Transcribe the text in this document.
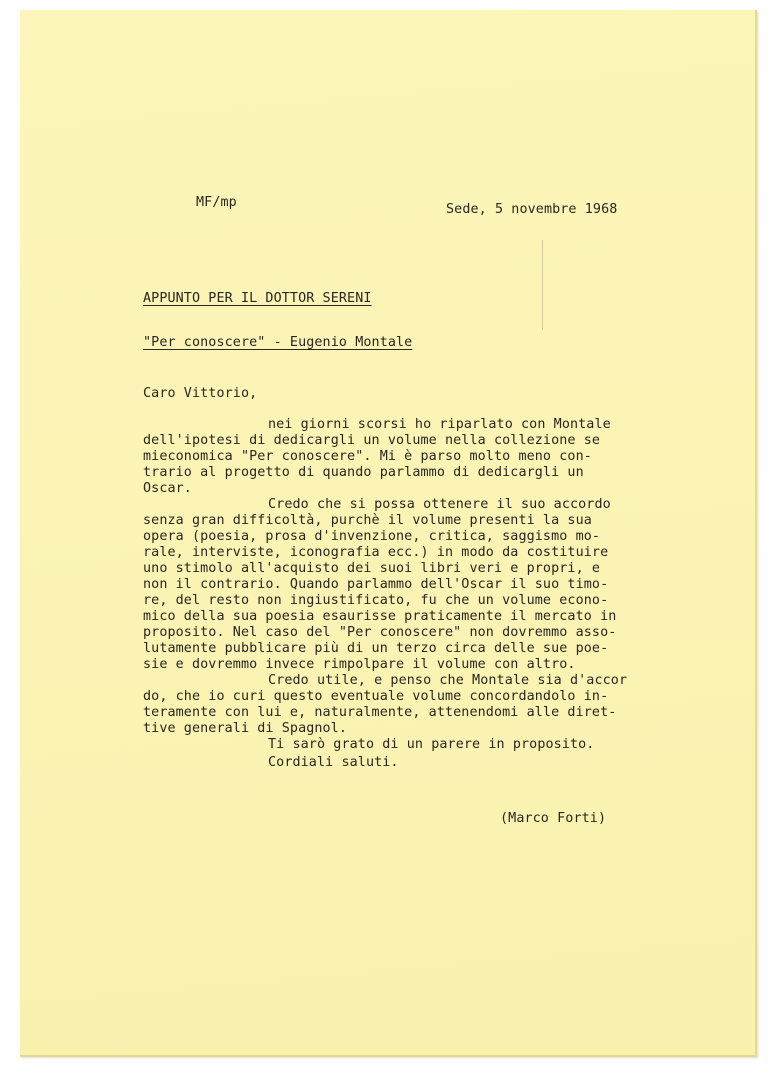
MF/mp	Sede, 5 novembre 1968
APPUNTO PER IL DOTTOR SERENI
"Per conoscere" - Eugenio Montale
Caro Vittorio,
nei giorni scorsi ho riparlato con Montale
dell'ipotesi di dedicargli un volume nella collezione se
mieconomica "Per conoscere". Mi è parso molto meno con-
trario al progetto di quando parlammo di dedicargli un
Oscar.
Credo che si possa ottenere il suo accordo
senza gran difficoltà, purchè il volume presenti la sua
opera (poesia, prosa d'invenzione, critica, saggismo mo-
rale, interviste, iconografia ecc.) in modo da costituire
uno stimolo all'acquisto dei suoi libri veri e propri, e
non il contrario. Quando parlammo dell'Oscar il suo timo-
re, del resto non ingiustificato, fu che un volume econo-
mico della sua poesia esaurisse praticamente il mercato in
proposito. Nel caso del "Per conoscere" non dovremmo asso-
lutamente pubblicare più di un terzo circa delle sue poe-
sie e dovremmo invece rimpolpare il volume con altro.
Credo utile, e penso che Montale sia d'accor
do, che io curi questo eventuale volume concordandolo in-
teramente con lui e, naturalmente, attenendomi alle diret-
tive generali di Spagnol.
Ti sarò grato di un parere in proposito.
Cordiali saluti.
(Marco Forti)
